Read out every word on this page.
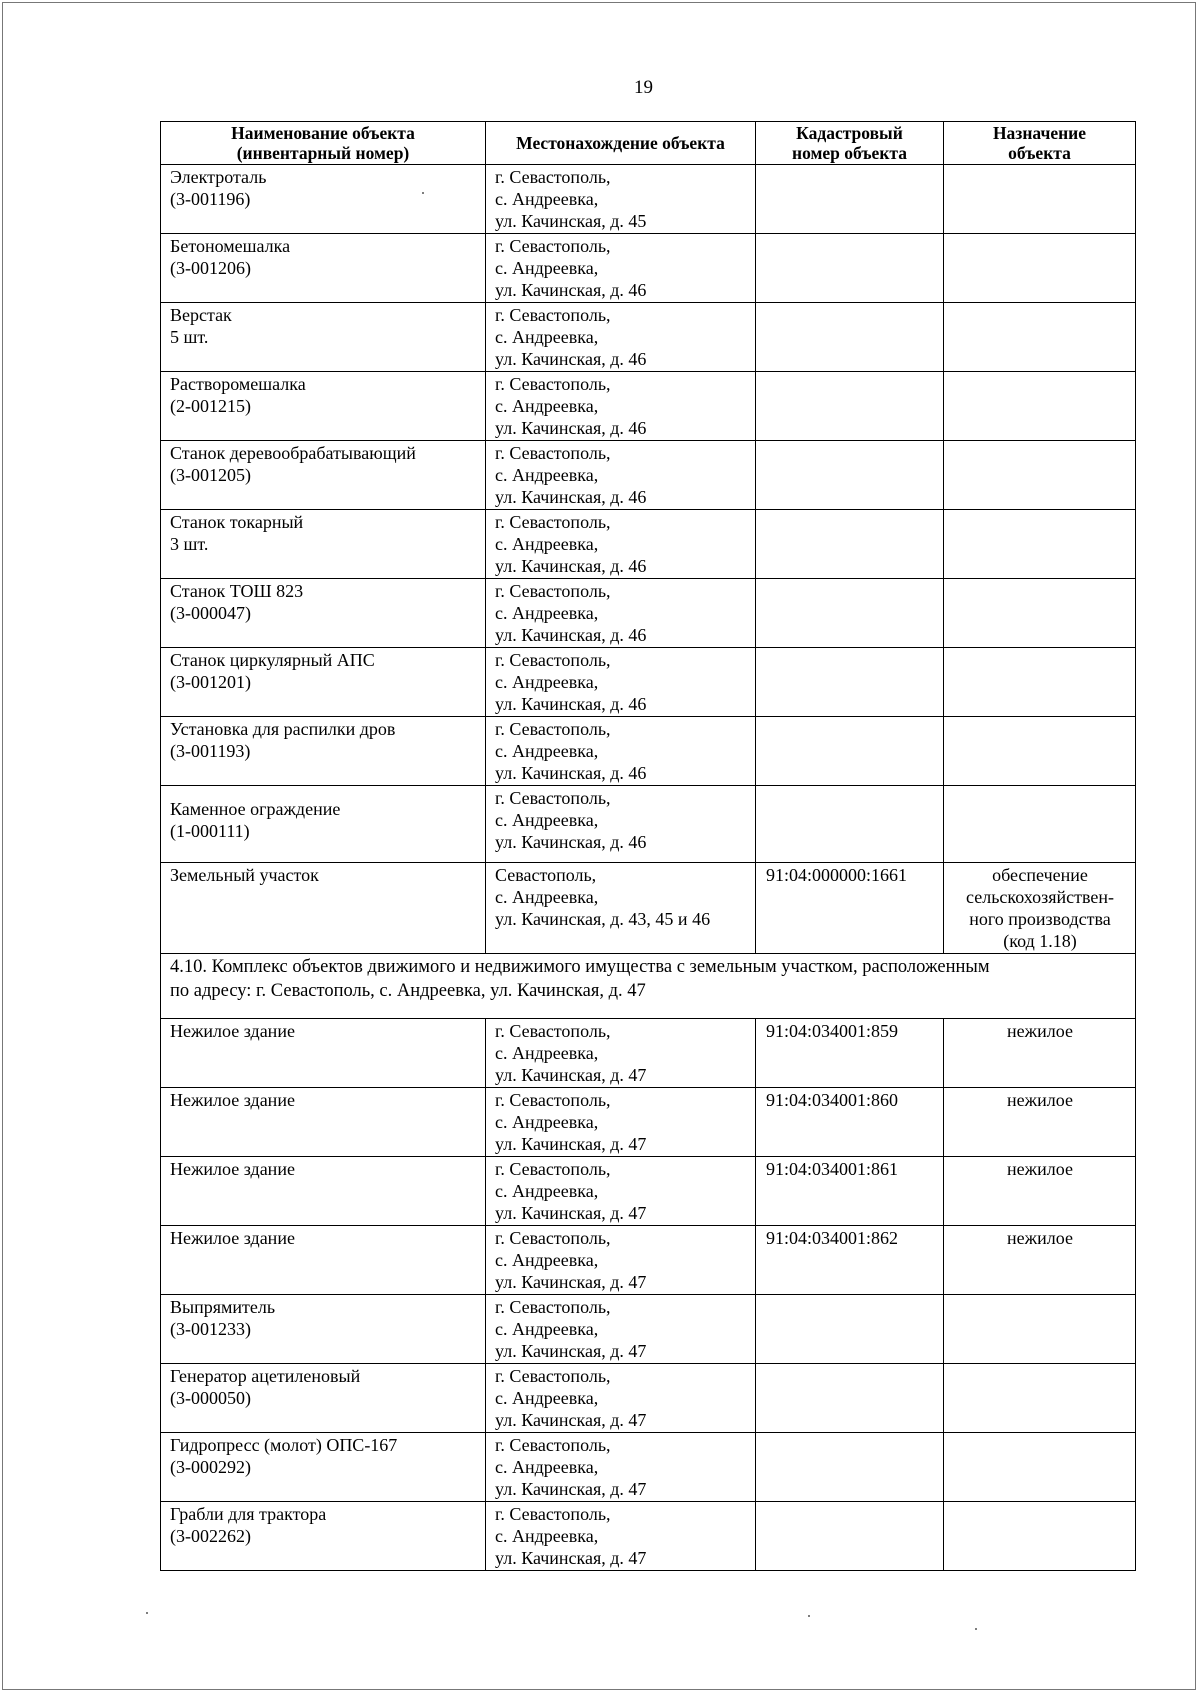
19
Наименование объекта
(инвентарный номер)	Местонахождение объекта	Кадастровый
номер объекта	Назначение
объекта

Электроталь
(3-001196)	г. Севастополь,
с. Андреевка,
ул. Качинская, д. 45		

Бетономешалка
(3-001206)	г. Севастополь,
с. Андреевка,
ул. Качинская, д. 46		

Верстак
5 шт.	г. Севастополь,
с. Андреевка,
ул. Качинская, д. 46		

Растворомешалка
(2-001215)	г. Севастополь,
с. Андреевка,
ул. Качинская, д. 46		

Станок деревообрабатывающий
(3-001205)	г. Севастополь,
с. Андреевка,
ул. Качинская, д. 46		

Станок токарный
3 шт.	г. Севастополь,
с. Андреевка,
ул. Качинская, д. 46		

Станок ТОШ 823
(3-000047)	г. Севастополь,
с. Андреевка,
ул. Качинская, д. 46		

Станок циркулярный АПС
(3-001201)	г. Севастополь,
с. Андреевка,
ул. Качинская, д. 46		

Установка для распилки дров
(3-001193)	г. Севастополь,
с. Андреевка,
ул. Качинская, д. 46		

Каменное ограждение
(1-000111)	г. Севастополь,
с. Андреевка,
ул. Качинская, д. 46		

Земельный участок	Севастополь,
с. Андреевка,
ул. Качинская, д. 43, 45 и 46	91:04:000000:1661	обеспечение
сельскохозяйствен-
ного производства
(код 1.18)

4.10. Комплекс объектов движимого и недвижимого имущества с земельным участком, расположенным
по адресу: г. Севастополь, с. Андреевка, ул. Качинская, д. 47			

Нежилое здание	г. Севастополь,
с. Андреевка,
ул. Качинская, д. 47	91:04:034001:859	нежилое

Нежилое здание	г. Севастополь,
с. Андреевка,
ул. Качинская, д. 47	91:04:034001:860	нежилое

Нежилое здание	г. Севастополь,
с. Андреевка,
ул. Качинская, д. 47	91:04:034001:861	нежилое

Нежилое здание	г. Севастополь,
с. Андреевка,
ул. Качинская, д. 47	91:04:034001:862	нежилое

Выпрямитель
(3-001233)	г. Севастополь,
с. Андреевка,
ул. Качинская, д. 47		

Генератор ацетиленовый
(3-000050)	г. Севастополь,
с. Андреевка,
ул. Качинская, д. 47		

Гидропресс (молот) ОПС-167
(3-000292)	г. Севастополь,
с. Андреевка,
ул. Качинская, д. 47		

Грабли для трактора
(3-002262)	г. Севастополь,
с. Андреевка,
ул. Качинская, д. 47		
